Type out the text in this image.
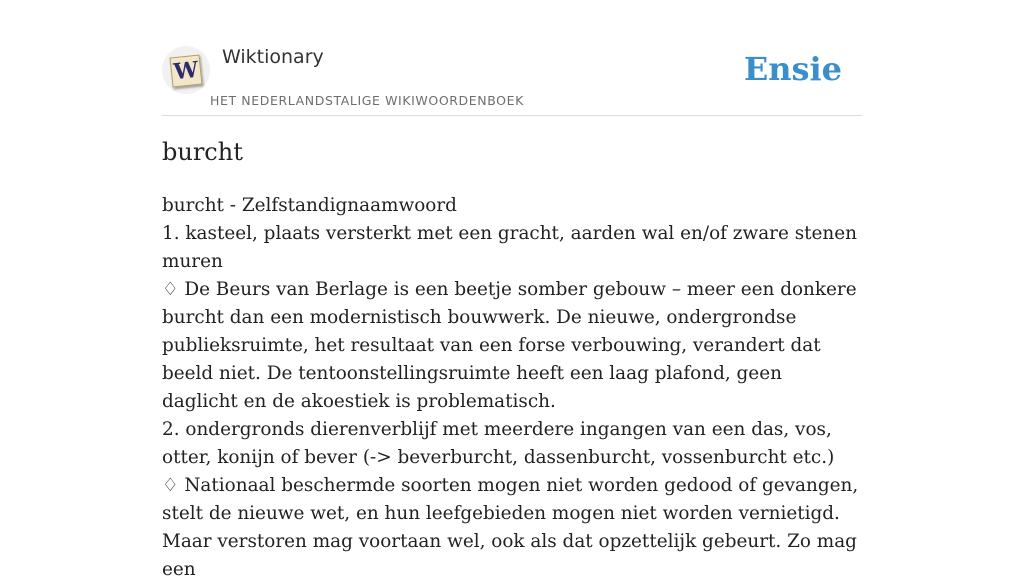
W Wiktionary
HET NEDERLANDSTALIGE WIKIWOORDENBOEK
Ensie
burcht

burcht - Zelfstandignaamwoord

1. kasteel, plaats versterkt met een gracht, aarden wal en/of zware stenen muren

♢ De Beurs van Berlage is een beetje somber gebouw – meer een donkere burcht dan een modernistisch bouwwerk. De nieuwe, ondergrondse publieksruimte, het resultaat van een forse verbouwing, verandert dat beeld niet. De tentoonstellingsruimte heeft een laag plafond, geen daglicht en de akoestiek is problematisch.

2. ondergronds dierenverblijf met meerdere ingangen van een das, vos, otter, konijn of bever (-> beverburcht, dassenburcht, vossenburcht etc.)

♢ Nationaal beschermde soorten mogen niet worden gedood of gevangen, stelt de nieuwe wet, en hun leefgebieden mogen niet worden vernietigd. Maar verstoren mag voortaan wel, ook als dat opzettelijk gebeurt. Zo mag een
